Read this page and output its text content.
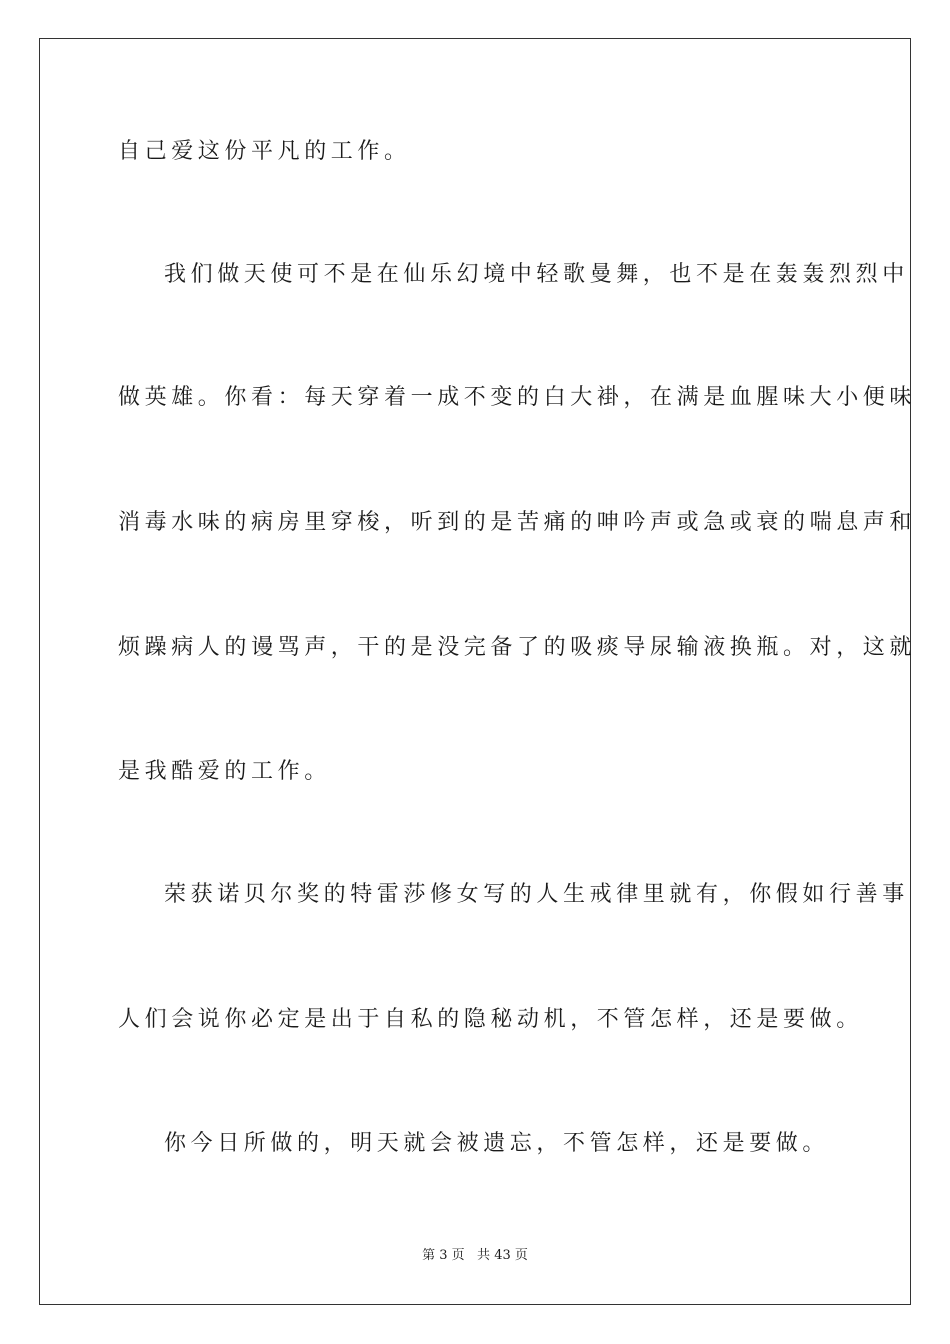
自己爱这份平凡的工作。
我们做天使可不是在仙乐幻境中轻歌曼舞，也不是在轰轰烈烈中
做英雄。你看：每天穿着一成不变的白大褂，在满是血腥味大小便味
消毒水味的病房里穿梭，听到的是苦痛的呻吟声或急或衰的喘息声和
烦躁病人的谩骂声，干的是没完备了的吸痰导尿输液换瓶。对，这就
是我酷爱的工作。
荣获诺贝尔奖的特雷莎修女写的人生戒律里就有，你假如行善事
人们会说你必定是出于自私的隐秘动机，不管怎样，还是要做。
你今日所做的，明天就会被遗忘，不管怎样，还是要做。
第 3 页   共 43 页
